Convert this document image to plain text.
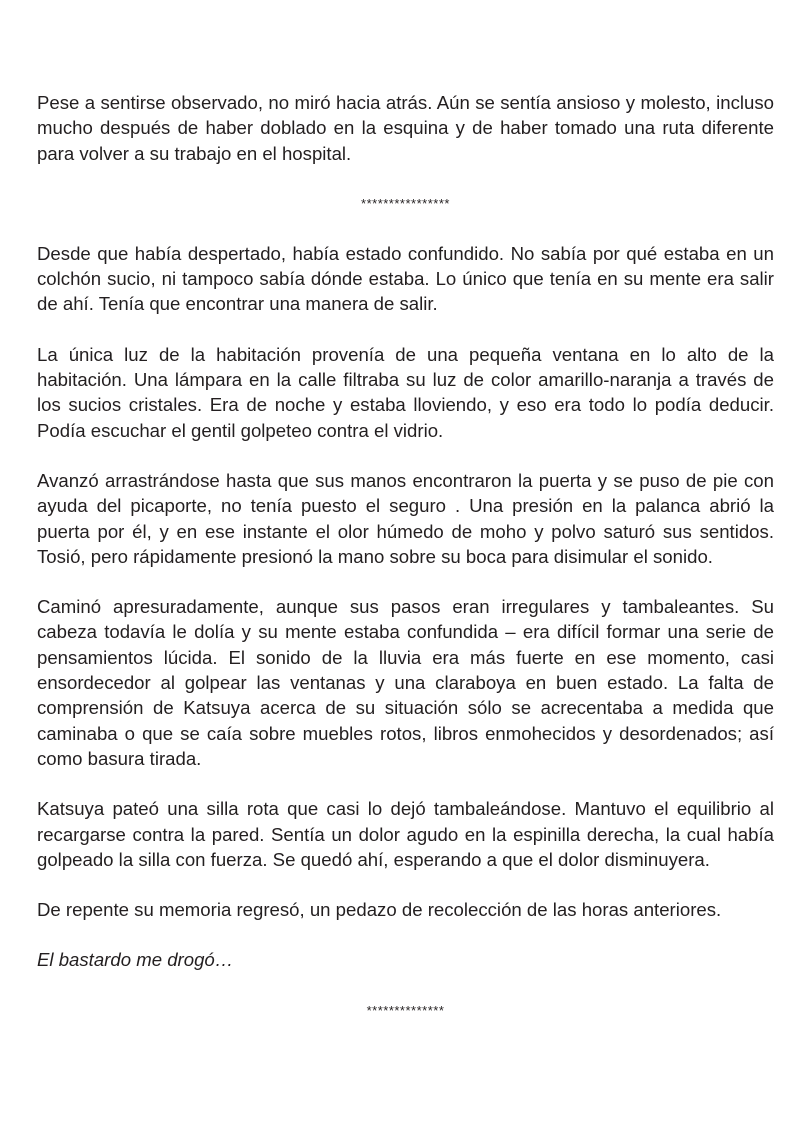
Pese a sentirse observado, no miró hacia atrás. Aún se sentía ansioso y molesto, incluso mucho después de haber doblado en la esquina y de haber tomado una ruta diferente para volver a su trabajo en el hospital.

****************

Desde que había despertado, había estado confundido. No sabía por qué estaba en un colchón sucio, ni tampoco sabía dónde estaba. Lo único que tenía en su mente era salir de ahí. Tenía que encontrar una manera de salir.

La única luz de la habitación provenía de una pequeña ventana en lo alto de la habitación. Una lámpara en la calle filtraba su luz de color amarillo-naranja a través de los sucios cristales. Era de noche y estaba lloviendo, y eso era todo lo podía deducir. Podía escuchar el gentil golpeteo contra el vidrio.

Avanzó arrastrándose hasta que sus manos encontraron la puerta y se puso de pie con ayuda del picaporte, no tenía puesto el seguro . Una presión en la palanca abrió la puerta por él, y en ese instante el olor húmedo de moho y polvo saturó sus sentidos. Tosió, pero rápidamente presionó la mano sobre su boca para disimular el sonido.

Caminó apresuradamente, aunque sus pasos eran irregulares y tambaleantes. Su cabeza todavía le dolía y su mente estaba confundida – era difícil formar una serie de pensamientos lúcida. El sonido de la lluvia era más fuerte en ese momento, casi ensordecedor al golpear las ventanas y una claraboya en buen estado. La falta de comprensión de Katsuya acerca de su situación sólo se acrecentaba a medida que caminaba o que se caía sobre muebles rotos, libros enmohecidos y desordenados; así como basura tirada.

Katsuya pateó una silla rota que casi lo dejó tambaleándose. Mantuvo el equilibrio al recargarse contra la pared. Sentía un dolor agudo en la espinilla derecha, la cual había golpeado la silla con fuerza. Se quedó ahí, esperando a que el dolor disminuyera.

De repente su memoria regresó, un pedazo de recolección de las horas anteriores.

El bastardo me drogó…

**************
